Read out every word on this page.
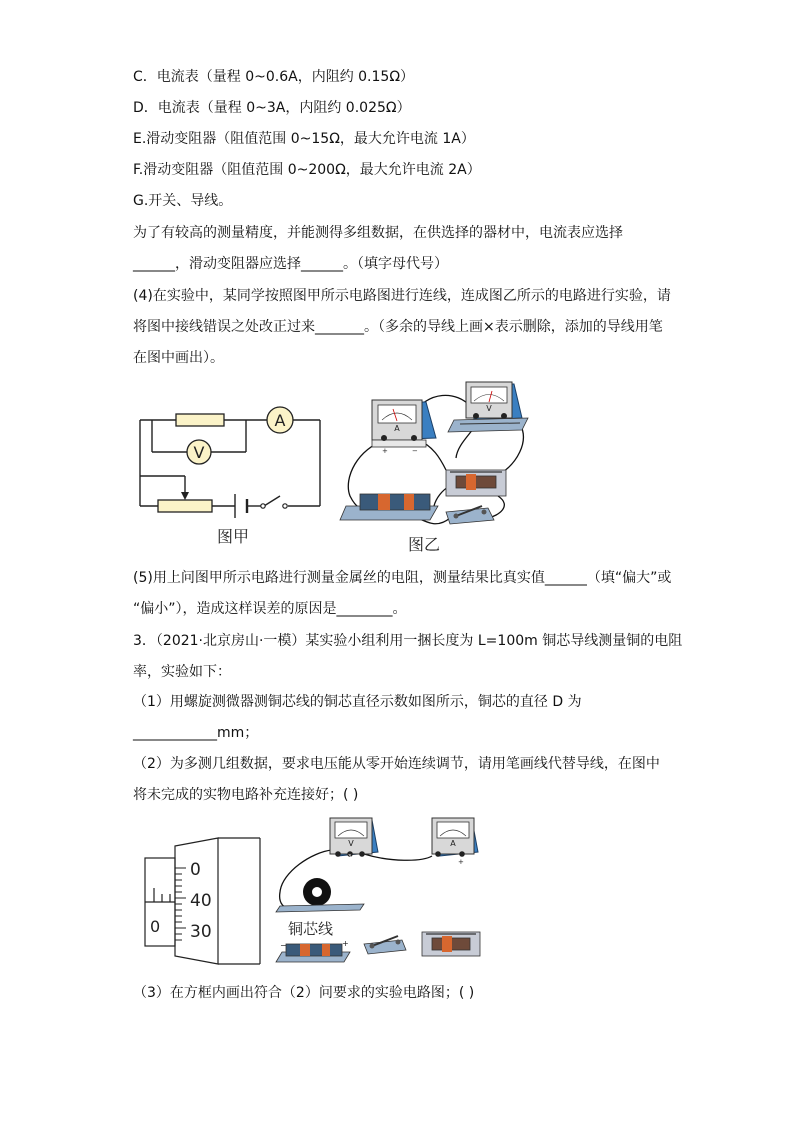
C．电流表（量程 0~0.6A，内阻约 0.15Ω）
D．电流表（量程 0~3A，内阻约 0.025Ω）
E.滑动变阻器（阻值范围 0~15Ω，最大允许电流 1A）
F.滑动变阻器（阻值范围 0~200Ω，最大允许电流 2A）
G.开关、导线。
为了有较高的测量精度，并能测得多组数据，在供选择的器材中，电流表应选择
______，滑动变阻器应选择______。（填字母代号）
(4)在实验中，某同学按照图甲所示电路图进行连线，连成图乙所示的电路进行实验，请
将图中接线错误之处改正过来_______。（多余的导线上画×表示删除，添加的导线用笔
在图中画出）。
A
V
图甲
A
+	−
V
图乙
(5)用上问图甲所示电路进行测量金属丝的电阻，测量结果比真实值______（填“偏大”或
“偏小”），造成这样误差的原因是________。
3．（2021·北京房山·一模）某实验小组利用一捆长度为 L=100m 铜芯导线测量铜的电阻
率，实验如下：
（1）用螺旋测微器测铜芯线的铜芯直径示数如图所示，铜芯的直径 D 为
____________mm；
（2）为多测几组数据，要求电压能从零开始连续调节，请用笔画线代替导线，在图中
将未完成的实物电路补充连接好；( )
0
0
40
30
V
3
A
+
铜芯线
−	+
（3）在方框内画出符合（2）问要求的实验电路图；( )
